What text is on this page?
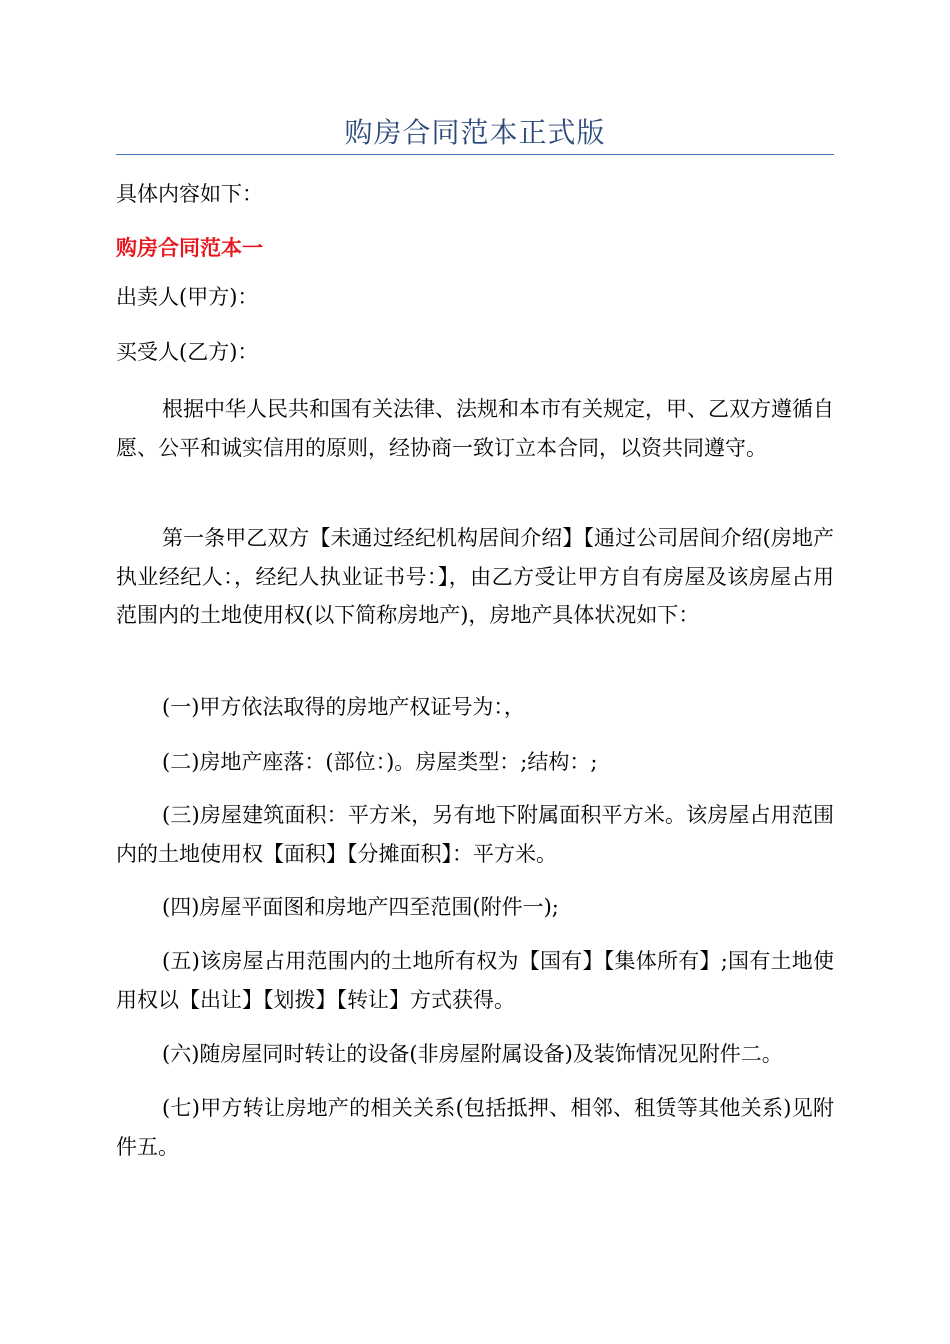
购房合同范本正式版
具体内容如下：
购房合同范本一
出卖人(甲方)：
买受人(乙方)：
根据中华人民共和国有关法律、法规和本市有关规定，甲、乙双方遵循自愿、公平和诚实信用的原则，经协商一致订立本合同，以资共同遵守。
第一条甲乙双方【未通过经纪机构居间介绍】【通过公司居间介绍(房地产执业经纪人：，经纪人执业证书号：】，由乙方受让甲方自有房屋及该房屋占用范围内的土地使用权(以下简称房地产)，房地产具体状况如下：
(一)甲方依法取得的房地产权证号为：，
(二)房地产座落：(部位：)。房屋类型：;结构：;
(三)房屋建筑面积：平方米，另有地下附属面积平方米。该房屋占用范围内的土地使用权【面积】【分摊面积】：平方米。
(四)房屋平面图和房地产四至范围(附件一);
(五)该房屋占用范围内的土地所有权为【国有】【集体所有】;国有土地使用权以【出让】【划拨】【转让】方式获得。
(六)随房屋同时转让的设备(非房屋附属设备)及装饰情况见附件二。
(七)甲方转让房地产的相关关系(包括抵押、相邻、租赁等其他关系)见附件五。
